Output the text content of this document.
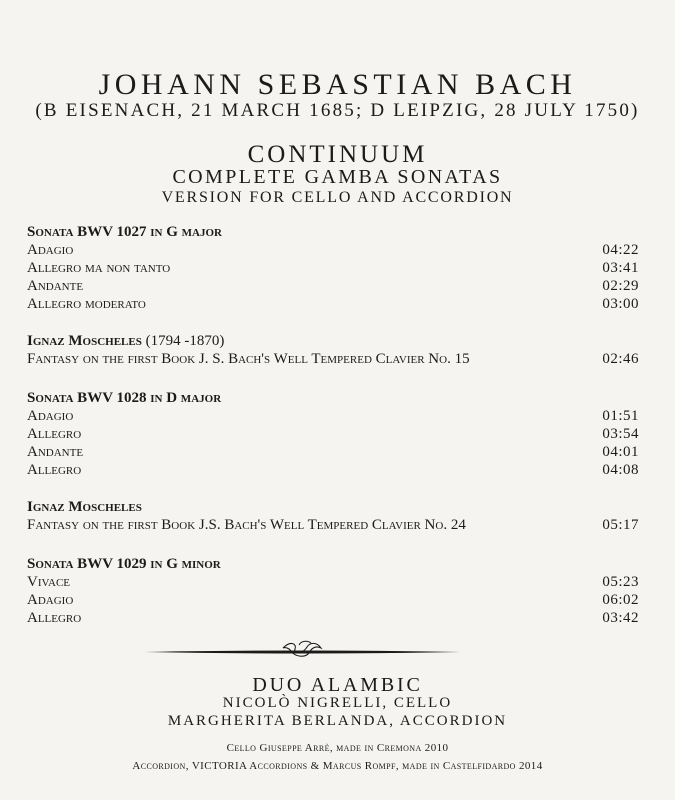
JOHANN SEBASTIAN BACH
(B EISENACH, 21 MARCH 1685; D LEIPZIG, 28 JULY 1750)
CONTINUUM
COMPLETE GAMBA SONATAS
VERSION FOR CELLO AND ACCORDION
Sonata BWV 1027 in G major
Adagio	04:22
Allegro ma non tanto	03:41
Andante	02:29
Allegro moderato	03:00
Ignaz Moscheles (1794 -1870)
Fantasy on the first Book J. S. Bach's Well Tempered Clavier No. 15	02:46
Sonata BWV 1028 in D major
Adagio	01:51
Allegro	03:54
Andante	04:01
Allegro	04:08
Ignaz Moscheles
Fantasy on the first Book J.S. Bach's Well Tempered Clavier No. 24	05:17
Sonata BWV 1029 in G minor
Vivace	05:23
Adagio	06:02
Allegro	03:42
DUO ALAMBIC
NICOLÒ NIGRELLI, CELLO
MARGHERITA BERLANDA, ACCORDION
Cello Giuseppe Arrè, made in Cremona 2010
Accordion, VICTORIA Accordions & Marcus Rompf, made in Castelfidardo 2014
